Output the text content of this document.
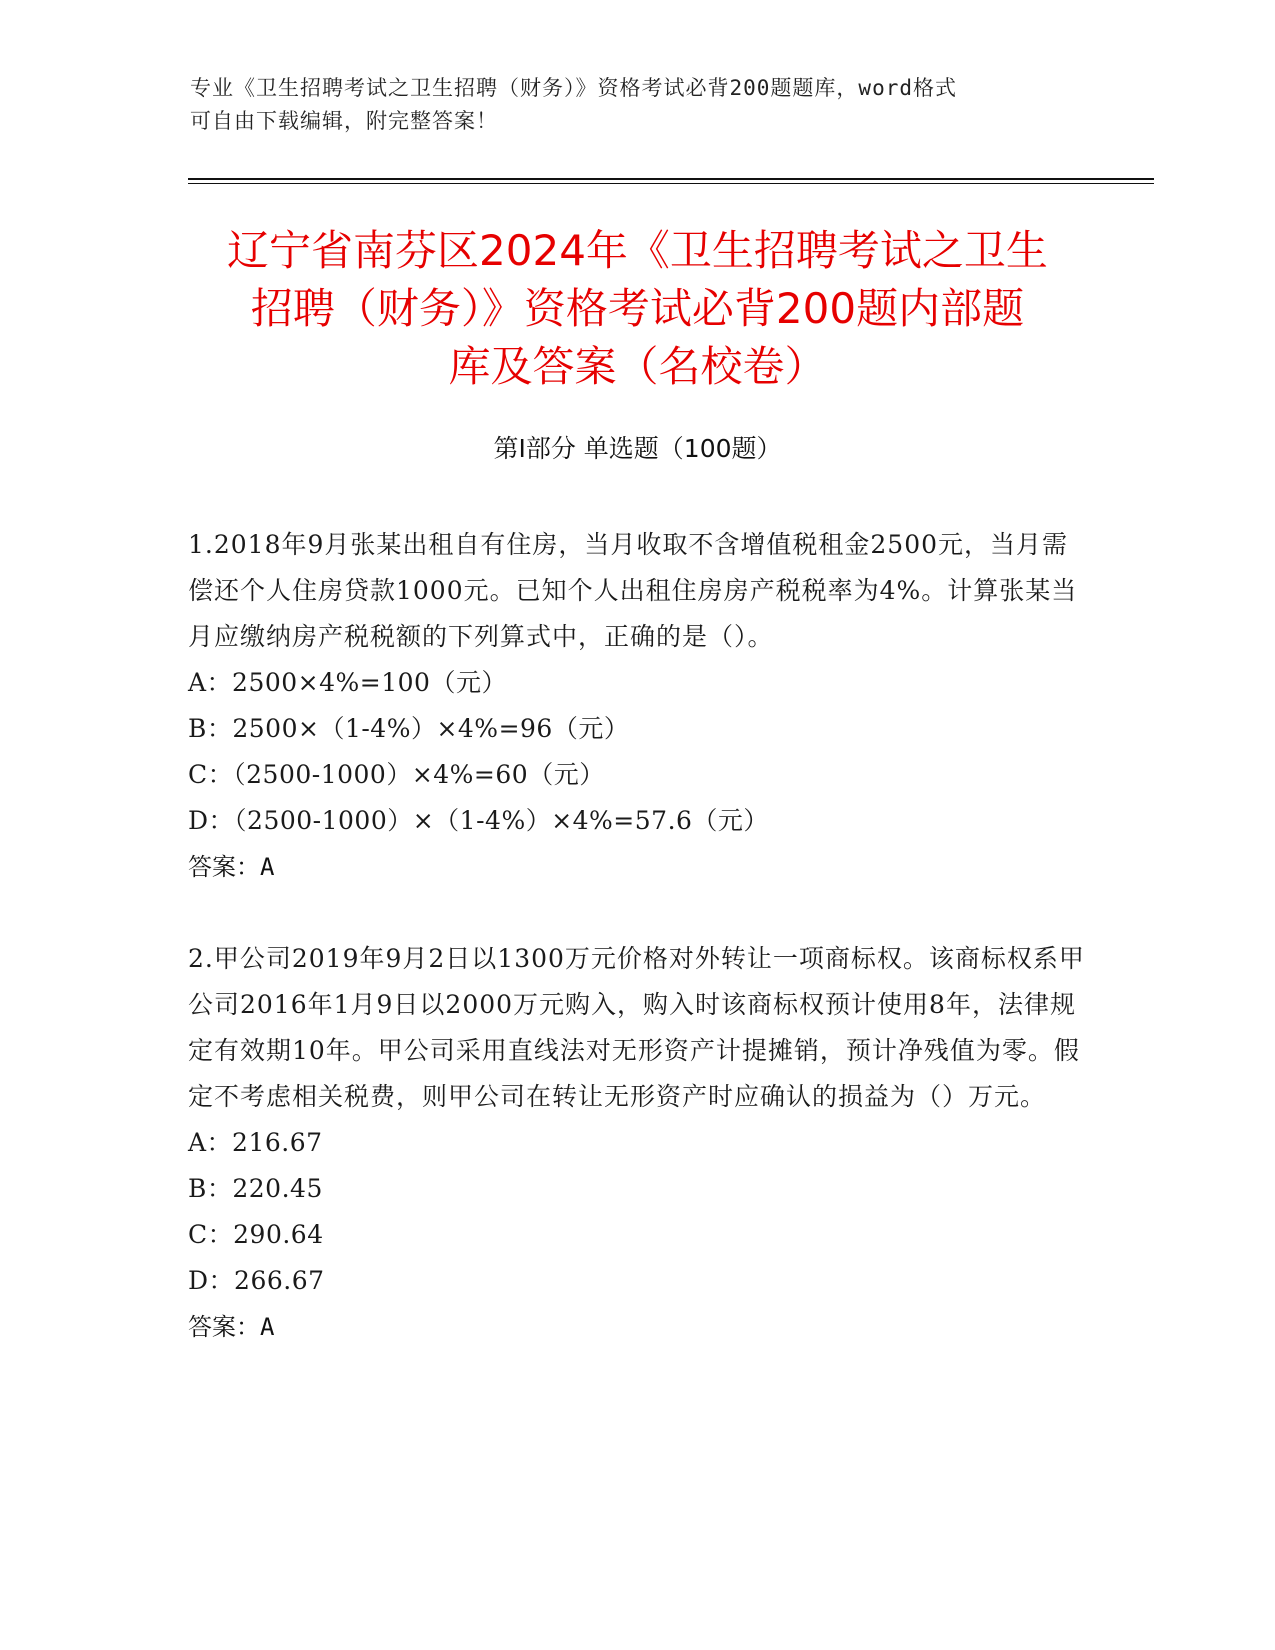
专业《卫生招聘考试之卫生招聘（财务）》资格考试必背200题题库，word格式
可自由下载编辑，附完整答案！
辽宁省南芬区2024年《卫生招聘考试之卫生
招聘（财务）》资格考试必背200题内部题
库及答案（名校卷）
第Ⅰ部分 单选题（100题）
1.2018年9月张某出租自有住房，当月收取不含增值税租金2500元，当月需偿还个人住房贷款1000元。已知个人出租住房房产税税率为4%。计算张某当月应缴纳房产税税额的下列算式中，正确的是（）。
A：2500×4%=100（元）
B：2500×（1-4%）×4%=96（元）
C：（2500-1000）×4%=60（元）
D：（2500-1000）×（1-4%）×4%=57.6（元）
答案：A
2.甲公司2019年9月2日以1300万元价格对外转让一项商标权。该商标权系甲公司2016年1月9日以2000万元购入，购入时该商标权预计使用8年，法律规定有效期10年。甲公司采用直线法对无形资产计提摊销，预计净残值为零。假定不考虑相关税费，则甲公司在转让无形资产时应确认的损益为（）万元。
A：216.67
B：220.45
C：290.64
D：266.67
答案：A
